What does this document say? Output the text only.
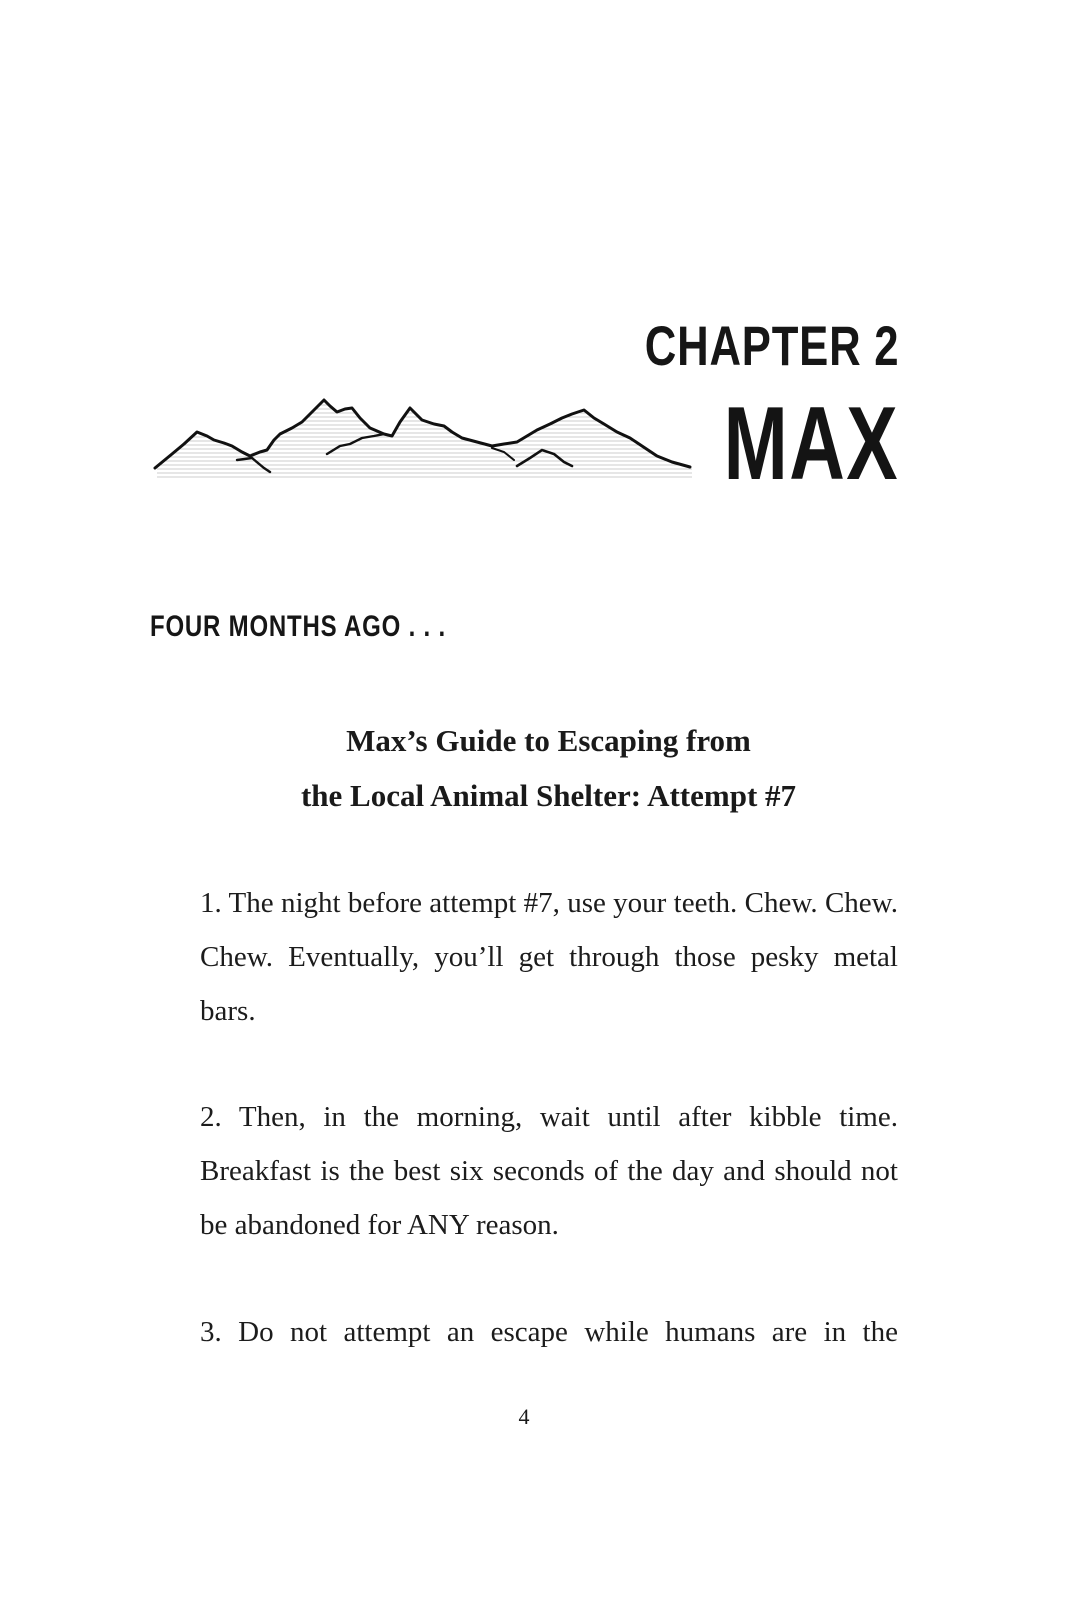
CHAPTER 2
MAX
FOUR MONTHS AGO . . .
Max’s Guide to Escaping from
the Local Animal Shelter: Attempt #7

1. The night before attempt #7, use your teeth. Chew. Chew. Chew. Eventually, you’ll get through those pesky metal bars.

2. Then, in the morning, wait until after kibble time. Breakfast is the best six seconds of the day and should not be abandoned for ANY reason.

3. Do not attempt an escape while humans are in the

4
